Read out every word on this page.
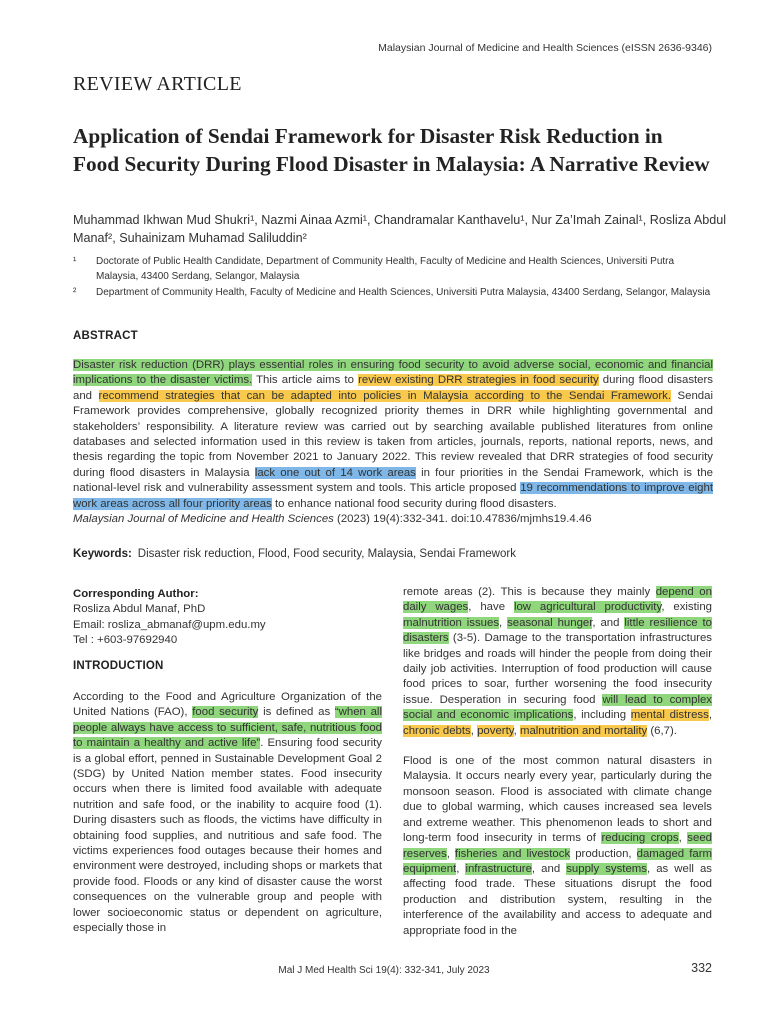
Malaysian Journal of Medicine and Health Sciences (eISSN 2636-9346)
REVIEW ARTICLE
Application of Sendai Framework for Disaster Risk Reduction in Food Security During Flood Disaster in Malaysia: A Narrative Review
Muhammad Ikhwan Mud Shukri¹, Nazmi Ainaa Azmi¹, Chandramalar Kanthavelu¹, Nur Za’Imah Zainal¹, Rosliza Abdul Manaf², Suhainizam Muhamad Saliluddin²
¹	Doctorate of Public Health Candidate, Department of Community Health, Faculty of Medicine and Health Sciences, Universiti Putra Malaysia, 43400 Serdang, Selangor, Malaysia
²	Department of Community Health, Faculty of Medicine and Health Sciences, Universiti Putra Malaysia, 43400 Serdang, Selangor, Malaysia
ABSTRACT
Disaster risk reduction (DRR) plays essential roles in ensuring food security to avoid adverse social, economic and financial implications to the disaster victims. This article aims to review existing DRR strategies in food security during flood disasters and recommend strategies that can be adapted into policies in Malaysia according to the Sendai Framework. Sendai Framework provides comprehensive, globally recognized priority themes in DRR while highlighting governmental and stakeholders’ responsibility. A literature review was carried out by searching available published literatures from online databases and selected information used in this review is taken from articles, journals, reports, national reports, news, and thesis regarding the topic from November 2021 to January 2022. This review revealed that DRR strategies of food security during flood disasters in Malaysia lack one out of 14 work areas in four priorities in the Sendai Framework, which is the national-level risk and vulnerability assessment system and tools. This article proposed 19 recommendations to improve eight work areas across all four priority areas to enhance national food security during flood disasters.
Malaysian Journal of Medicine and Health Sciences (2023) 19(4):332-341. doi:10.47836/mjmhs19.4.46
Keywords: Disaster risk reduction, Flood, Food security, Malaysia, Sendai Framework
Corresponding Author:
Rosliza Abdul Manaf, PhD
Email: rosliza_abmanaf@upm.edu.my
Tel : +603-97692940
INTRODUCTION

According to the Food and Agriculture Organization of the United Nations (FAO), food security is defined as “when all people always have access to sufficient, safe, nutritious food to maintain a healthy and active life”. Ensuring food security is a global effort, penned in Sustainable Development Goal 2 (SDG) by United Nation member states. Food insecurity occurs when there is limited food available with adequate nutrition and safe food, or the inability to acquire food (1). During disasters such as floods, the victims have difficulty in obtaining food supplies, and nutritious and safe food. The victims experiences food outages because their homes and environment were destroyed, including shops or markets that provide food. Floods or any kind of disaster cause the worst consequences on the vulnerable group and people with lower socioeconomic status or dependent on agriculture, especially those in

remote areas (2). This is because they mainly depend on daily wages, have low agricultural productivity, existing malnutrition issues, seasonal hunger, and little resilience to disasters (3-5). Damage to the transportation infrastructures like bridges and roads will hinder the people from doing their daily job activities. Interruption of food production will cause food prices to soar, further worsening the food insecurity issue. Desperation in securing food will lead to complex social and economic implications, including mental distress, chronic debts, poverty, malnutrition and mortality (6,7).

Flood is one of the most common natural disasters in Malaysia. It occurs nearly every year, particularly during the monsoon season. Flood is associated with climate change due to global warming, which causes increased sea levels and extreme weather. This phenomenon leads to short and long-term food insecurity in terms of reducing crops, seed reserves, fisheries and livestock production, damaged farm equipment, infrastructure, and supply systems, as well as affecting food trade. These situations disrupt the food production and distribution system, resulting in the interference of the availability and access to adequate and appropriate food in the

Mal J Med Health Sci 19(4): 332-341, July 2023	332
